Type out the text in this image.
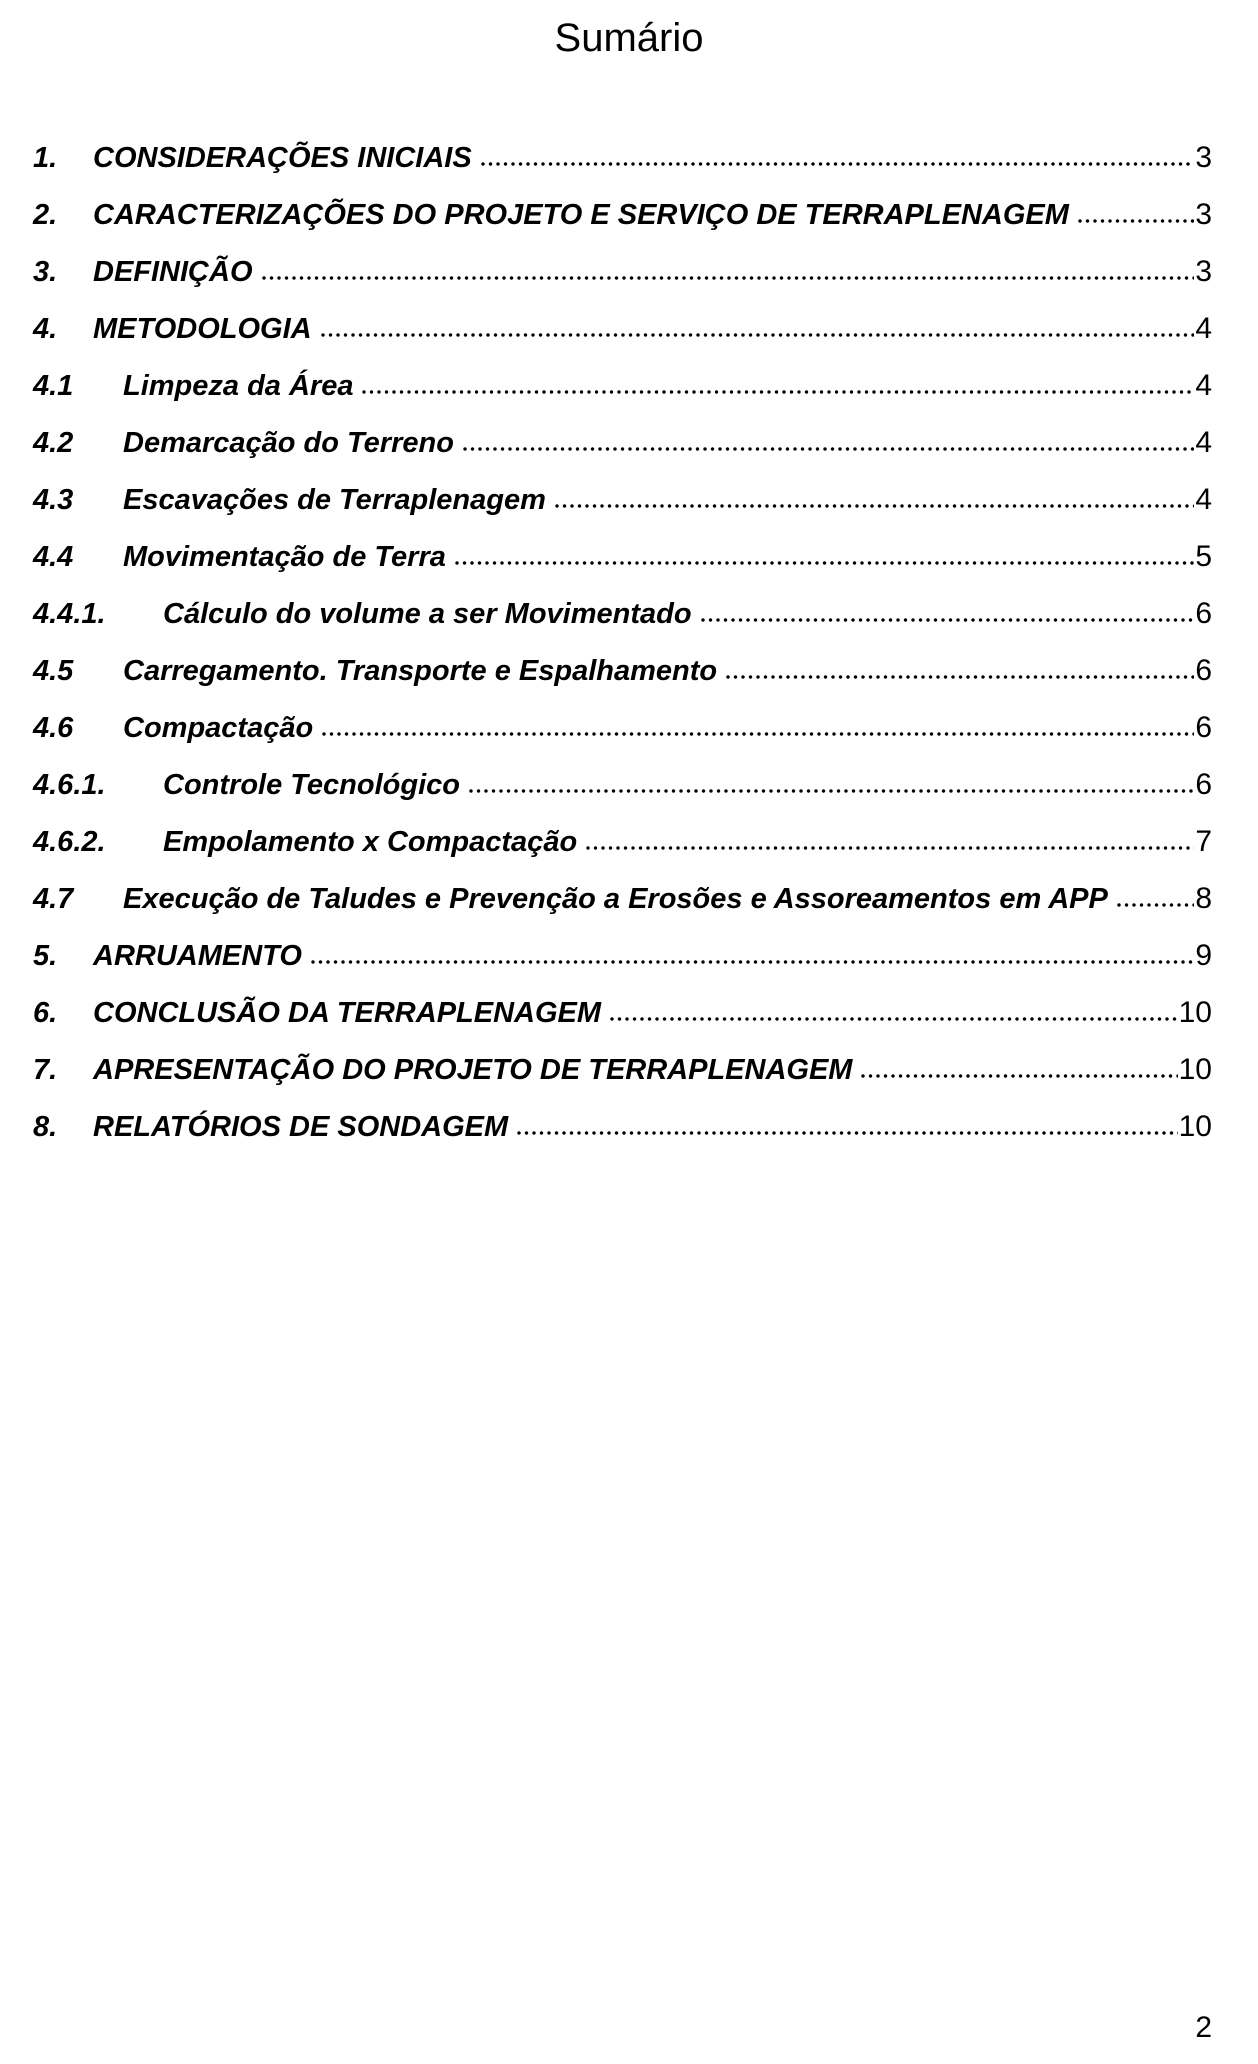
Sumário
1.	CONSIDERAÇÕES INICIAIS	3
2.	CARACTERIZAÇÕES DO PROJETO E SERVIÇO DE TERRAPLENAGEM	3
3.	DEFINIÇÃO	3
4.	METODOLOGIA	4
4.1	Limpeza da Área	4
4.2	Demarcação do Terreno	4
4.3	Escavações de Terraplenagem	4
4.4	Movimentação de Terra	5
4.4.1.	Cálculo do volume a ser Movimentado	6
4.5	Carregamento. Transporte e Espalhamento	6
4.6	Compactação	6
4.6.1.	Controle Tecnológico	6
4.6.2.	Empolamento x Compactação	7
4.7	Execução de Taludes e Prevenção a Erosões e Assoreamentos em APP	8
5.	ARRUAMENTO	9
6.	CONCLUSÃO DA TERRAPLENAGEM	10
7.	APRESENTAÇÃO DO PROJETO DE TERRAPLENAGEM	10
8.	RELATÓRIOS DE SONDAGEM	10
2
